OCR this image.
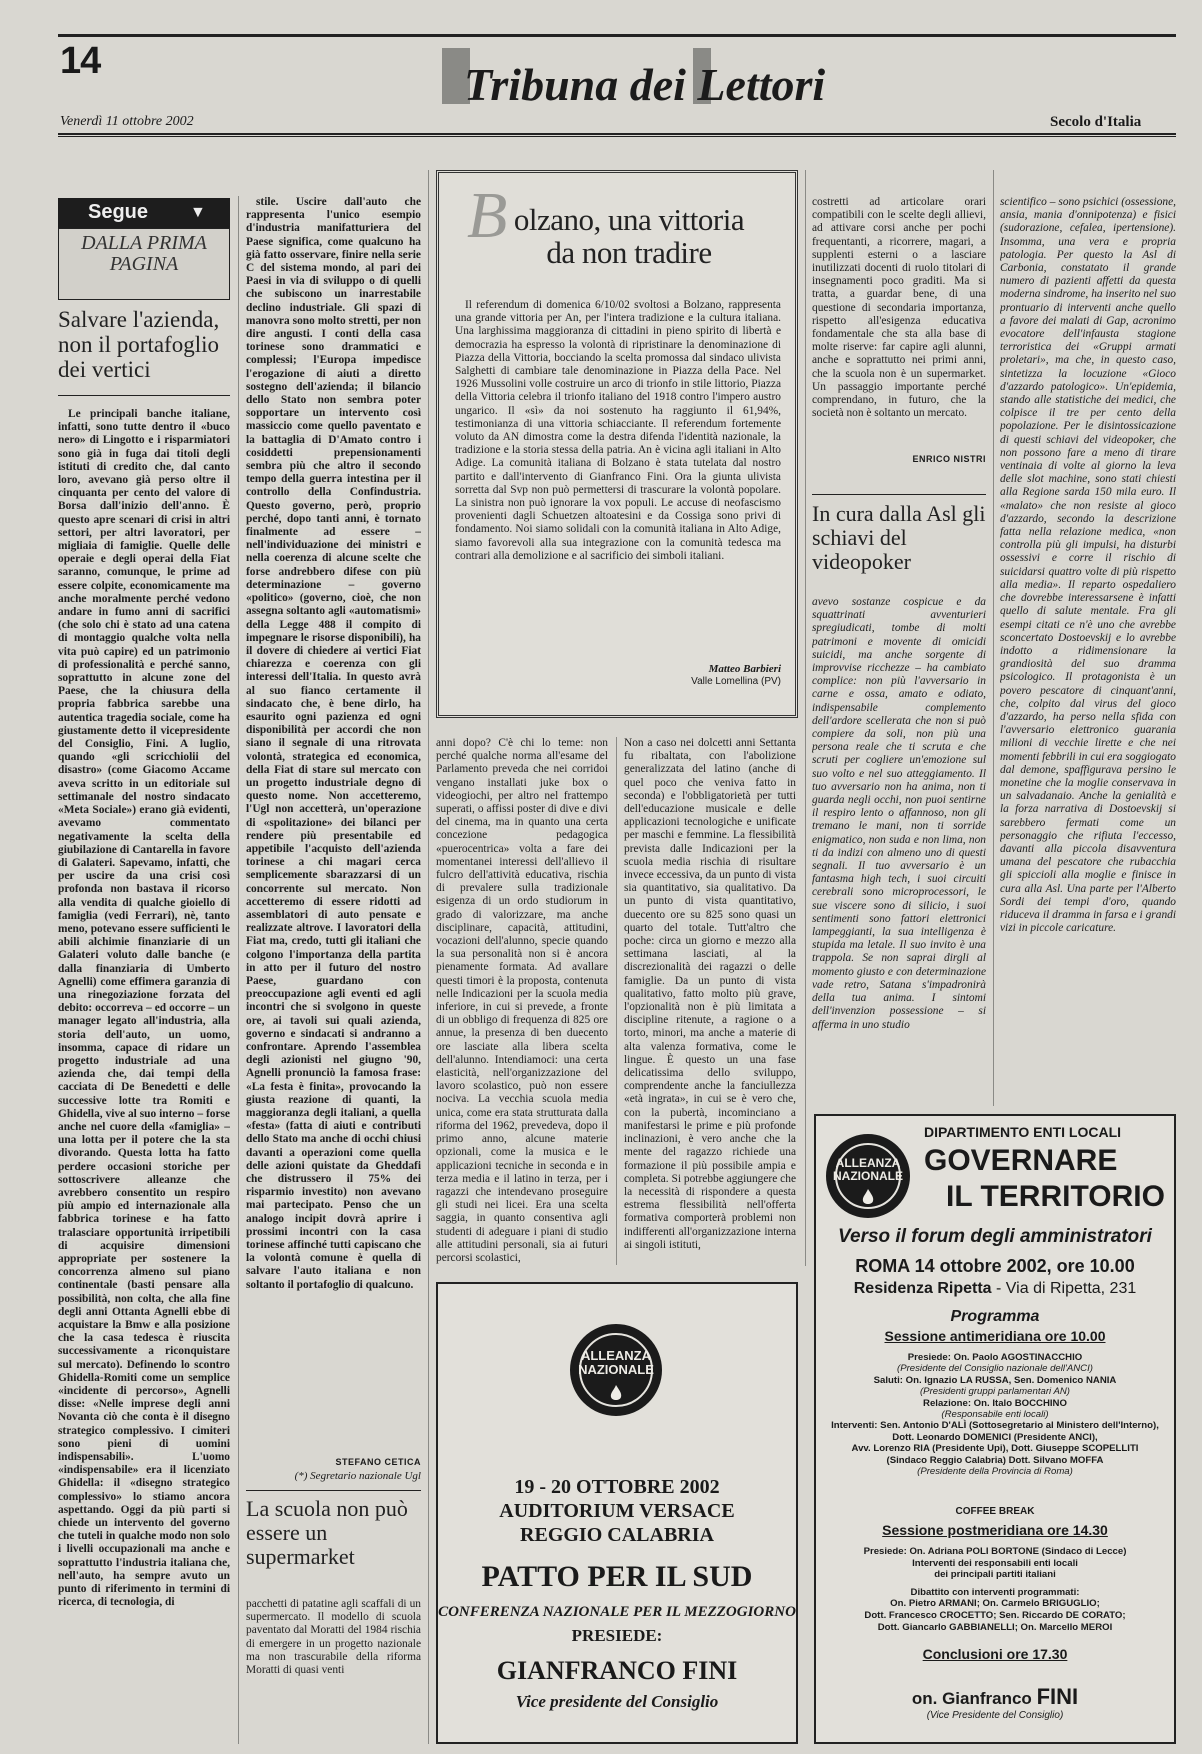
14	Tribuna dei Lettori
Venerdì 11 ottobre 2002	Secolo d'Italia
Segue	▼
DALLA PRIMA PAGINA
Salvare l'azienda, non il portafoglio dei vertici
Le principali banche italiane, infatti, sono tutte dentro il «buco nero» di Lingotto e i risparmiatori sono già in fuga dai titoli degli istituti di credito che, dal canto loro, avevano già perso oltre il cinquanta per cento del valore di Borsa dall'inizio dell'anno. È questo apre scenari di crisi in altri settori, per altri lavoratori, per migliaia di famiglie. Quelle delle operaie e degli operai della Fiat saranno, comunque, le prime ad essere colpite, economicamente ma anche moralmente perché vedono andare in fumo anni di sacrifici (che solo chi è stato ad una catena di montaggio qualche volta nella vita può capire) ed un patrimonio di professionalità e perché sanno, soprattutto in alcune zone del Paese, che la chiusura della propria fabbrica sarebbe una autentica tragedia sociale, come ha giustamente detto il vicepresidente del Consiglio, Fini. A luglio, quando «gli scricchiolii del disastro» (come Giacomo Accame aveva scritto in un editoriale sul settimanale del nostro sindacato «Meta Sociale») erano già evidenti, avevamo commentato negativamente la scelta della giubilazione di Cantarella in favore di Galateri. Sapevamo, infatti, che per uscire da una crisi così profonda non bastava il ricorso alla vendita di qualche gioiello di famiglia (vedi Ferrari), nè, tanto meno, potevano essere sufficienti le abili alchimie finanziarie di un Galateri voluto dalle banche (e dalla finanziaria di Umberto Agnelli) come effimera garanzia di una rinegoziazione forzata del debito: occorreva – ed occorre – un manager legato all'industria, alla storia dell'auto, un uomo, insomma, capace di ridare un progetto industriale ad una azienda che, dai tempi della cacciata di De Benedetti e delle successive lotte tra Romiti e Ghidella, vive al suo interno – forse anche nel cuore della «famiglia» – una lotta per il potere che la sta divorando. Questa lotta ha fatto perdere occasioni storiche per sottoscrivere alleanze che avrebbero consentito un respiro più ampio ed internazionale alla fabbrica torinese e ha fatto tralasciare opportunità irripetibili di acquisire dimensioni appropriate per sostenere la concorrenza almeno sul piano continentale (basti pensare alla possibilità, non colta, che alla fine degli anni Ottanta Agnelli ebbe di acquistare la Bmw e alla posizione che la casa tedesca è riuscita successivamente a riconquistare sul mercato). Definendo lo scontro Ghidella-Romiti come un semplice «incidente di percorso», Agnelli disse: «Nelle imprese degli anni Novanta ciò che conta è il disegno strategico complessivo. I cimiteri sono pieni di uomini indispensabili». L'uomo «indispensabile» era il licenziato Ghidella: il «disegno strategico complessivo» lo stiamo ancora aspettando. Oggi da più parti si chiede un intervento del governo che tuteli in qualche modo non solo i livelli occupazionali ma anche e soprattutto l'industria italiana che, nell'auto, ha sempre avuto un punto di riferimento in termini di ricerca, di tecnologia, di
stile. Uscire dall'auto che rappresenta l'unico esempio d'industria manifatturiera del Paese significa, come qualcuno ha già fatto osservare, finire nella serie C del sistema mondo, al pari dei Paesi in via di sviluppo o di quelli che subiscono un inarrestabile declino industriale. Gli spazi di manovra sono molto stretti, per non dire angusti. I conti della casa torinese sono drammatici e complessi; l'Europa impedisce l'erogazione di aiuti a diretto sostegno dell'azienda; il bilancio dello Stato non sembra poter sopportare un intervento così massiccio come quello paventato e la battaglia di D'Amato contro i cosiddetti prepensionamenti sembra più che altro il secondo tempo della guerra intestina per il controllo della Confindustria. Questo governo, però, proprio perché, dopo tanti anni, è tornato finalmente ad essere – nell'individuazione dei ministri e nella coerenza di alcune scelte che forse andrebbero difese con più determinazione – governo «politico» (governo, cioè, che non assegna soltanto agli «automatismi» della Legge 488 il compito di impegnare le risorse disponibili), ha il dovere di chiedere ai vertici Fiat chiarezza e coerenza con gli interessi dell'Italia. In questo avrà al suo fianco certamente il sindacato che, è bene dirlo, ha esaurito ogni pazienza ed ogni disponibilità per accordi che non siano il segnale di una ritrovata volontà, strategica ed economica, della Fiat di stare sul mercato con un progetto industriale degno di questo nome. Non accetteremo, l'Ugl non accetterà, un'operazione di «spolitazione» dei bilanci per rendere più presentabile ed appetibile l'acquisto dell'azienda torinese a chi magari cerca semplicemente sbarazzarsi di un concorrente sul mercato. Non accetteremo di essere ridotti ad assemblatori di auto pensate e realizzate altrove. I lavoratori della Fiat ma, credo, tutti gli italiani che colgono l'importanza della partita in atto per il futuro del nostro Paese, guardano con preoccupazione agli eventi ed agli incontri che si svolgono in queste ore, ai tavoli sui quali azienda, governo e sindacati si andranno a confrontare. Aprendo l'assemblea degli azionisti nel giugno '90, Agnelli pronunciò la famosa frase: «La festa è finita», provocando la giusta reazione di quanti, la maggioranza degli italiani, a quella «festa» (fatta di aiuti e contributi dello Stato ma anche di occhi chiusi davanti a operazioni come quella delle azioni quistate da Gheddafi che distrussero il 75% dei risparmio investito) non avevano mai partecipato. Penso che un analogo incipit dovrà aprire i prossimi incontri con la casa torinese affinché tutti capiscano che la volontà comune è quella di salvare l'auto italiana e non soltanto il portafoglio di qualcuno.
STEFANO CETICA
(*) Segretario nazionale Ugl
B olzano, una vittoria da non tradire
Il referendum di domenica 6/10/02 svoltosi a Bolzano, rappresenta una grande vittoria per An, per l'intera tradizione e la cultura italiana. Una larghissima maggioranza di cittadini in pieno spirito di libertà e democrazia ha espresso la volontà di ripristinare la denominazione di Piazza della Vittoria, bocciando la scelta promossa dal sindaco ulivista Salghetti di cambiare tale denominazione in Piazza della Pace. Nel 1926 Mussolini volle costruire un arco di trionfo in stile littorio, Piazza della Vittoria celebra il trionfo italiano del 1918 contro l'impero austro ungarico. Il «sì» da noi sostenuto ha raggiunto il 61,94%, testimonianza di una vittoria schiacciante. Il referendum fortemente voluto da AN dimostra come la destra difenda l'identità nazionale, la tradizione e la storia stessa della patria. An è vicina agli italiani in Alto Adige. La comunità italiana di Bolzano è stata tutelata dal nostro partito e dall'intervento di Gianfranco Fini. Ora la giunta ulivista sorretta dal Svp non può permettersi di trascurare la volontà popolare. La sinistra non può ignorare la vox populi. Le accuse di neofascismo provenienti dagli Schuetzen altoatesini e da Cossiga sono privi di fondamento. Noi siamo solidali con la comunità italiana in Alto Adige, siamo favorevoli alla sua integrazione con la comunità tedesca ma contrari alla demolizione e al sacrificio dei simboli italiani.
Matteo Barbieri
Valle Lomellina (PV)
anni dopo? C'è chi lo teme: non perché qualche norma all'esame del Parlamento preveda che nei corridoi vengano installati juke box o videogiochi, per altro nel frattempo superati, o affissi poster di dive e divi del cinema, ma in quanto una certa concezione pedagogica «puerocentrica» volta a fare dei momentanei interessi dell'allievo il fulcro dell'attività educativa, rischia di prevalere sulla tradizionale esigenza di un ordo studiorum in grado di valorizzare, ma anche disciplinare, capacità, attitudini, vocazioni dell'alunno, specie quando la sua personalità non si è ancora pienamente formata. Ad avallare questi timori è la proposta, contenuta nelle Indicazioni per la scuola media inferiore, in cui si prevede, a fronte di un obbligo di frequenza di 825 ore annue, la presenza di ben duecento ore lasciate alla libera scelta dell'alunno. Intendiamoci: una certa elasticità, nell'organizzazione del lavoro scolastico, può non essere nociva. La vecchia scuola media unica, come era stata strutturata dalla riforma del 1962, prevedeva, dopo il primo anno, alcune materie opzionali, come la musica e le applicazioni tecniche in seconda e in terza media e il latino in terza, per i ragazzi che intendevano proseguire gli studi nei licei. Era una scelta saggia, in quanto consentiva agli studenti di adeguare i piani di studio alle attitudini personali, sia ai futuri percorsi scolastici,
Non a caso nei dolcetti anni Settanta fu ribaltata, con l'abolizione generalizzata del latino (anche di quel poco che veniva fatto in seconda) e l'obbligatorietà per tutti dell'educazione musicale e delle applicazioni tecnologiche e unificate per maschi e femmine. La flessibilità prevista dalle Indicazioni per la scuola media rischia di risultare invece eccessiva, da un punto di vista sia quantitativo, sia qualitativo. Da un punto di vista quantitativo, duecento ore su 825 sono quasi un quarto del totale. Tutt'altro che poche: circa un giorno e mezzo alla settimana lasciati, al la discrezionalità dei ragazzi o delle famiglie. Da un punto di vista qualitativo, fatto molto più grave, l'opzionalità non è più limitata a discipline ritenute, a ragione o a torto, minori, ma anche a materie di alta valenza formativa, come le lingue. È questo un una fase delicatissima dello sviluppo, comprendente anche la fanciullezza «età ingrata», in cui se è vero che, con la pubertà, incominciano a manifestarsi le prime e più profonde inclinazioni, è vero anche che la mente del ragazzo richiede una formazione il più possibile ampia e completa. Si potrebbe aggiungere che la necessità di rispondere a questa estrema flessibilità nell'offerta formativa comporterà problemi non indifferenti all'organizzazione interna ai singoli istituti,
costretti ad articolare orari compatibili con le scelte degli allievi, ad attivare corsi anche per pochi frequentanti, a ricorrere, magari, a supplenti esterni o a lasciare inutilizzati docenti di ruolo titolari di insegnamenti poco graditi. Ma si tratta, a guardar bene, di una questione di secondaria importanza, rispetto all'esigenza educativa fondamentale che sta alla base di molte riserve: far capire agli alunni, anche e soprattutto nei primi anni, che la scuola non è un supermarket. Un passaggio importante perché comprendano, in futuro, che la società non è soltanto un mercato.
ENRICO NISTRI
La scuola non può essere un supermarket
pacchetti di patatine agli scaffali di un supermercato. Il modello di scuola paventato dal Moratti del 1984 rischia di emergere in un progetto nazionale ma non trascurabile della riforma Moratti di quasi venti
In cura dalla Asl gli schiavi del videopoker
avevo sostanze cospicue e da squattrinati avventurieri spregiudicati, tombe di molti patrimoni e movente di omicidi suicidi, ma anche sorgente di improvvise ricchezze – ha cambiato complice: non più l'avversario in carne e ossa, amato e odiato, indispensabile complemento dell'ardore scellerata che non si può compiere da soli, non più una persona reale che ti scruta e che scruti per cogliere un'emozione sul suo volto e nel suo atteggiamento. Il tuo avversario non ha anima, non ti guarda negli occhi, non puoi sentirne il respiro lento o affannoso, non gli tremano le mani, non ti sorride enigmatico, non suda e non lima, non ti da indizi con almeno uno di questi segnali. Il tuo avversario è un fantasma high tech, i suoi circuiti cerebrali sono microprocessori, le sue viscere sono di silicio, i suoi sentimenti sono fattori elettronici lampeggianti, la sua intelligenza è stupida ma letale. Il suo invito è una trappola. Se non saprai dirgli al momento giusto e con determinazione vade retro, Satana s'impadronirà della tua anima. I sintomi dell'invenzion possessione – si afferma in uno studio
scientifico – sono psichici (ossessione, ansia, mania d'onnipotenza) e fisici (sudorazione, cefalea, ipertensione). Insomma, una vera e propria patologia. Per questo la Asl di Carbonia, constatato il grande numero di pazienti affetti da questa moderna sindrome, ha inserito nel suo prontuario di interventi anche quello a favore dei malati di Gap, acronimo evocatore dell'infausta stagione terroristica dei «Gruppi armati proletari», ma che, in questo caso, sintetizza la locuzione «Gioco d'azzardo patologico». Un'epidemia, stando alle statistiche dei medici, che colpisce il tre per cento della popolazione. Per le disintossicazione di questi schiavi del videopoker, che non possono fare a meno di tirare ventinaia di volte al giorno la leva delle slot machine, sono stati chiesti alla Regione sarda 150 mila euro. Il «malato» che non resiste al gioco d'azzardo, secondo la descrizione fatta nella relazione medica, «non controlla più gli impulsi, ha disturbi ossessivi e corre il rischio di suicidarsi quattro volte di più rispetto alla media». Il reparto ospedaliero che dovrebbe interessarsene è infatti quello di salute mentale. Fra gli esempi citati ce n'è uno che avrebbe sconcertato Dostoevskij e lo avrebbe indotto a ridimensionare la grandiosità del suo dramma psicologico. Il protagonista è un povero pescatore di cinquant'anni, che, colpito dal virus del gioco d'azzardo, ha perso nella sfida con l'avversario elettronico guarania milioni di vecchie lirette e che nei momenti febbrili in cui era soggiogato dal demone, spaffigurava persino le monetine che la moglie conservava in un salvadanaio. Anche la genialità e la forza narrativa di Dostoevskij si sarebbero fermati come un personaggio che rifiuta l'eccesso, davanti alla piccola disavventura umana del pescatore che rubacchia gli spiccioli alla moglie e finisce in cura alla Asl. Una parte per l'Alberto Sordi dei tempi d'oro, quando riduceva il dramma in farsa e i grandi vizi in piccole caricature.
ALLEANZA
NAZIONALE
19 - 20 OTTOBRE 2002
AUDITORIUM VERSACE
REGGIO CALABRIA
PATTO PER IL SUD
CONFERENZA NAZIONALE PER IL MEZZOGIORNO
PRESIEDE:
GIANFRANCO FINI
Vice presidente del Consiglio
ALLEANZA
NAZIONALE
DIPARTIMENTO ENTI LOCALI
GOVERNARE
IL TERRITORIO
Verso il forum degli amministratori
ROMA 14 ottobre 2002, ore 10.00
Residenza Ripetta - Via di Ripetta, 231
Programma
Sessione antimeridiana ore 10.00
Presiede: On. Paolo AGOSTINACCHIO
(Presidente del Consiglio nazionale dell'ANCI)
Saluti: On. Ignazio LA RUSSA, Sen. Domenico NANIA
(Presidenti gruppi parlamentari AN)
Relazione: On. Italo BOCCHINO
(Responsabile enti locali)
Interventi: Sen. Antonio D'ALÌ (Sottosegretario al Ministero dell'Interno), Dott. Leonardo DOMENICI (Presidente ANCI),
Avv. Lorenzo RIA (Presidente Upi), Dott. Giuseppe SCOPELLITI
(Sindaco Reggio Calabria) Dott. Silvano MOFFA
(Presidente della Provincia di Roma)
COFFEE BREAK
Sessione postmeridiana ore 14.30
Presiede: On. Adriana POLI BORTONE (Sindaco di Lecce)
Interventi dei responsabili enti locali
dei principali partiti italiani
Dibattito con interventi programmati:
On. Pietro ARMANI; On. Carmelo BRIGUGLIO;
Dott. Francesco CROCETTO; Sen. Riccardo DE CORATO;
Dott. Giancarlo GABBIANELLI; On. Marcello MEROI
Conclusioni ore 17.30
on. Gianfranco FINI
(Vice Presidente del Consiglio)
